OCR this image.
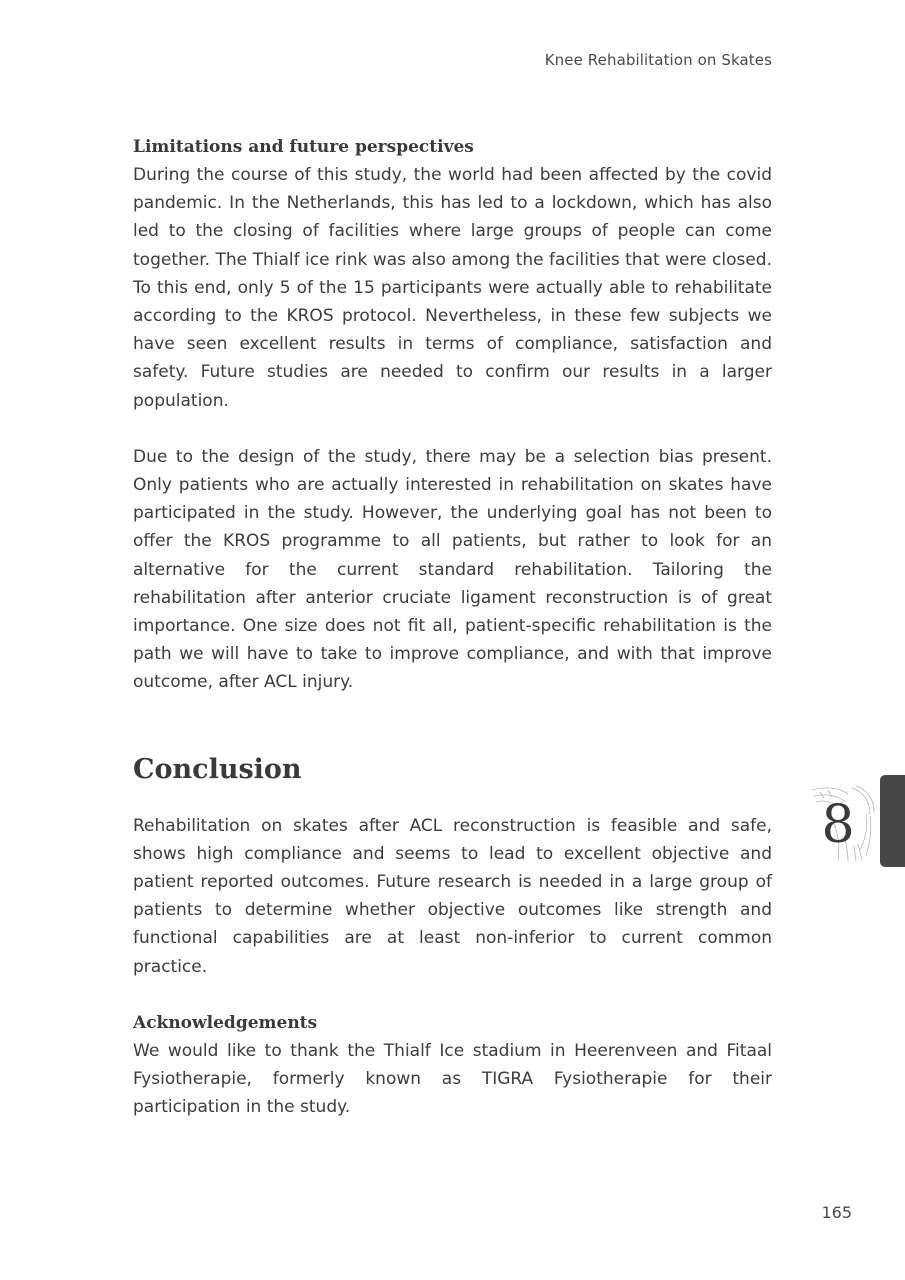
Knee Rehabilitation on Skates
Limitations and future perspectives

During the course of this study, the world had been affected by the covid pandemic. In the Netherlands, this has led to a lockdown, which has also led to the closing of facilities where large groups of people can come together. The Thialf ice rink was also among the facilities that were closed. To this end, only 5 of the 15 participants were actually able to rehabilitate according to the KROS protocol. Nevertheless, in these few subjects we have seen excellent results in terms of compliance, satisfaction and safety. Future studies are needed to confirm our results in a larger population.

Due to the design of the study, there may be a selection bias present. Only patients who are actually interested in rehabilitation on skates have participated in the study. However, the underlying goal has not been to offer the KROS programme to all patients, but rather to look for an alternative for the current standard rehabilitation. Tailoring the rehabilitation after anterior cruciate ligament reconstruction is of great importance. One size does not fit all, patient-specific rehabilitation is the path we will have to take to improve compliance, and with that improve outcome, after ACL injury.

Conclusion

Rehabilitation on skates after ACL reconstruction is feasible and safe, shows high compliance and seems to lead to excellent objective and patient reported outcomes. Future research is needed in a large group of patients to determine whether objective outcomes like strength and functional capabilities are at least non-inferior to current common practice.

Acknowledgements

We would like to thank the Thialf Ice stadium in Heerenveen and Fitaal Fysiotherapie, formerly known as TIGRA Fysiotherapie for their participation in the study.

8
165
